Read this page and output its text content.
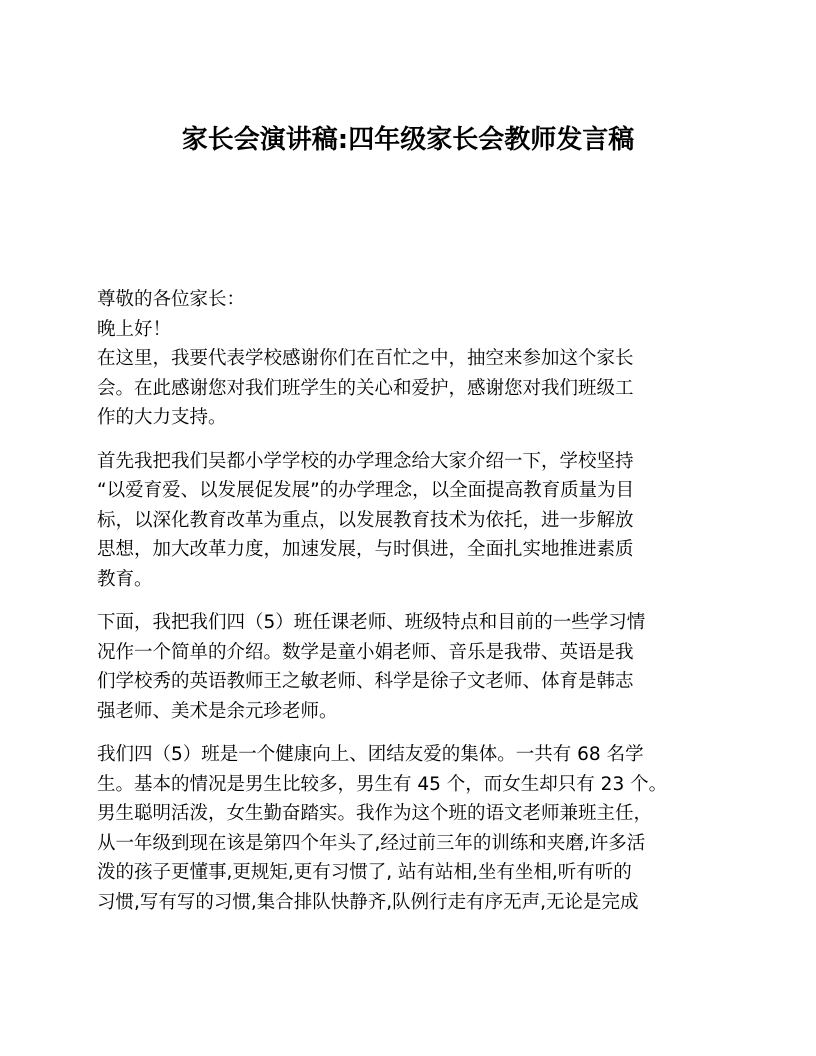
家长会演讲稿:四年级家长会教师发言稿
尊敬的各位家长：
晚上好！
在这里，我要代表学校感谢你们在百忙之中，抽空来参加这个家长
会。在此感谢您对我们班学生的关心和爱护，感谢您对我们班级工
作的大力支持。
首先我把我们吴都小学学校的办学理念给大家介绍一下，学校坚持
“以爱育爱、以发展促发展”的办学理念，以全面提高教育质量为目
标，以深化教育改革为重点，以发展教育技术为依托，进一步解放
思想，加大改革力度，加速发展，与时俱进，全面扎实地推进素质
教育。
下面，我把我们四（5）班任课老师、班级特点和目前的一些学习情
况作一个简单的介绍。数学是童小娟老师、音乐是我带、英语是我
们学校秀的英语教师王之敏老师、科学是徐子文老师、体育是韩志
强老师、美术是余元珍老师。
我们四（5）班是一个健康向上、团结友爱的集体。一共有 68 名学
生。基本的情况是男生比较多，男生有 45 个，而女生却只有 23 个。
男生聪明活泼，女生勤奋踏实。我作为这个班的语文老师兼班主任，
从一年级到现在该是第四个年头了,经过前三年的训练和夹磨,许多活
泼的孩子更懂事,更规矩,更有习惯了, 站有站相,坐有坐相,听有听的
习惯,写有写的习惯,集合排队快静齐,队例行走有序无声,无论是完成
